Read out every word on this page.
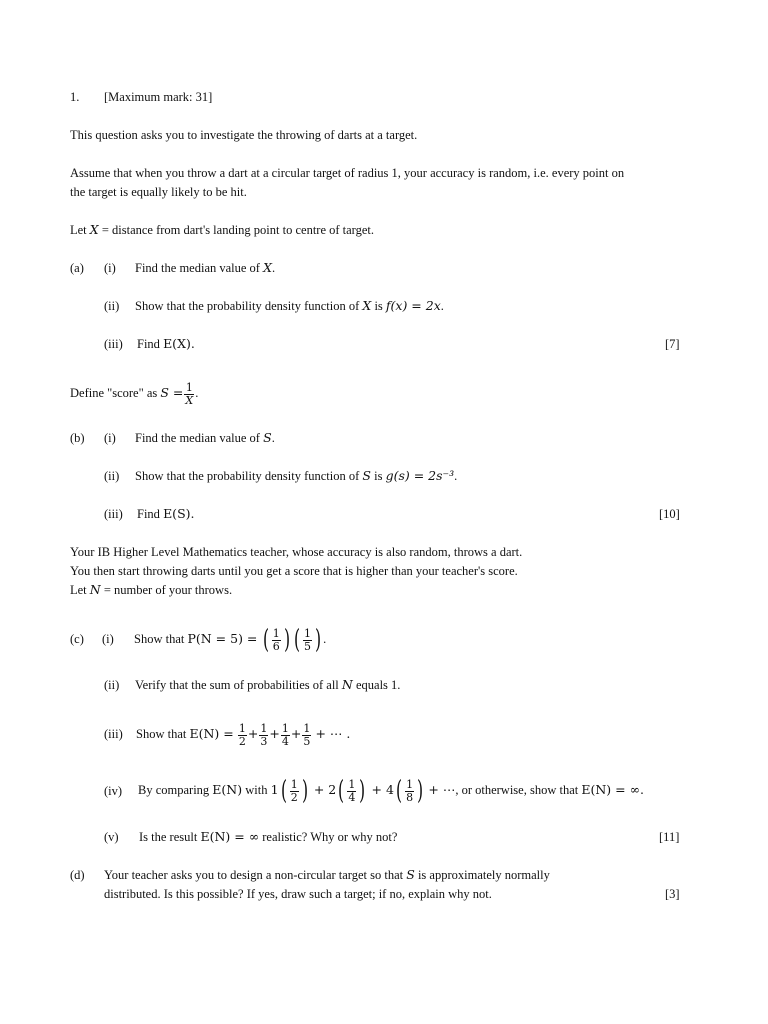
1. [Maximum mark: 31]
This question asks you to investigate the throwing of darts at a target.
Assume that when you throw a dart at a circular target of radius 1, your accuracy is random, i.e. every point on
the target is equally likely to be hit.
Let X = distance from dart's landing point to centre of target.
(a) (i) Find the median value of X.
(ii) Show that the probability density function of X is f(x) = 2x.
(iii) Find E(X).	[7]
Define "score" as $S = \frac{1}{X}$ .
(b) (i) Find the median value of S.
(ii) Show that the probability density function of S is g(s) = 2s⁻³.
(iii) Find E(S).	[10]
Your IB Higher Level Mathematics teacher, whose accuracy is also random, throws a dart.
You then start throwing darts until you get a score that is higher than your teacher's score.
Let N = number of your throws.
(c) (i) Show that P(N = 5) = ( $\frac{1}{6}$ ) ( $\frac{1}{5}$ ) .
(ii) Verify that the sum of probabilities of all N equals 1.
(iii) Show that $E(N) = \frac{1}{2} + \frac{1}{3} + \frac{1}{4} + \frac{1}{5}$ + ⋯ .
(iv) By comparing E(N) with 1 ( $\frac{1}{2}$ ) + 2 ( $\frac{1}{4}$ ) + 4 ( $\frac{1}{8}$ ) + ⋯, or otherwise, show that E(N) = ∞.
(v) Is the result E(N) = ∞ realistic? Why or why not?	[11]
(d) Your teacher asks you to design a non-circular target so that S is approximately normally
distributed. Is this possible? If yes, draw such a target; if no, explain why not.	[3]
